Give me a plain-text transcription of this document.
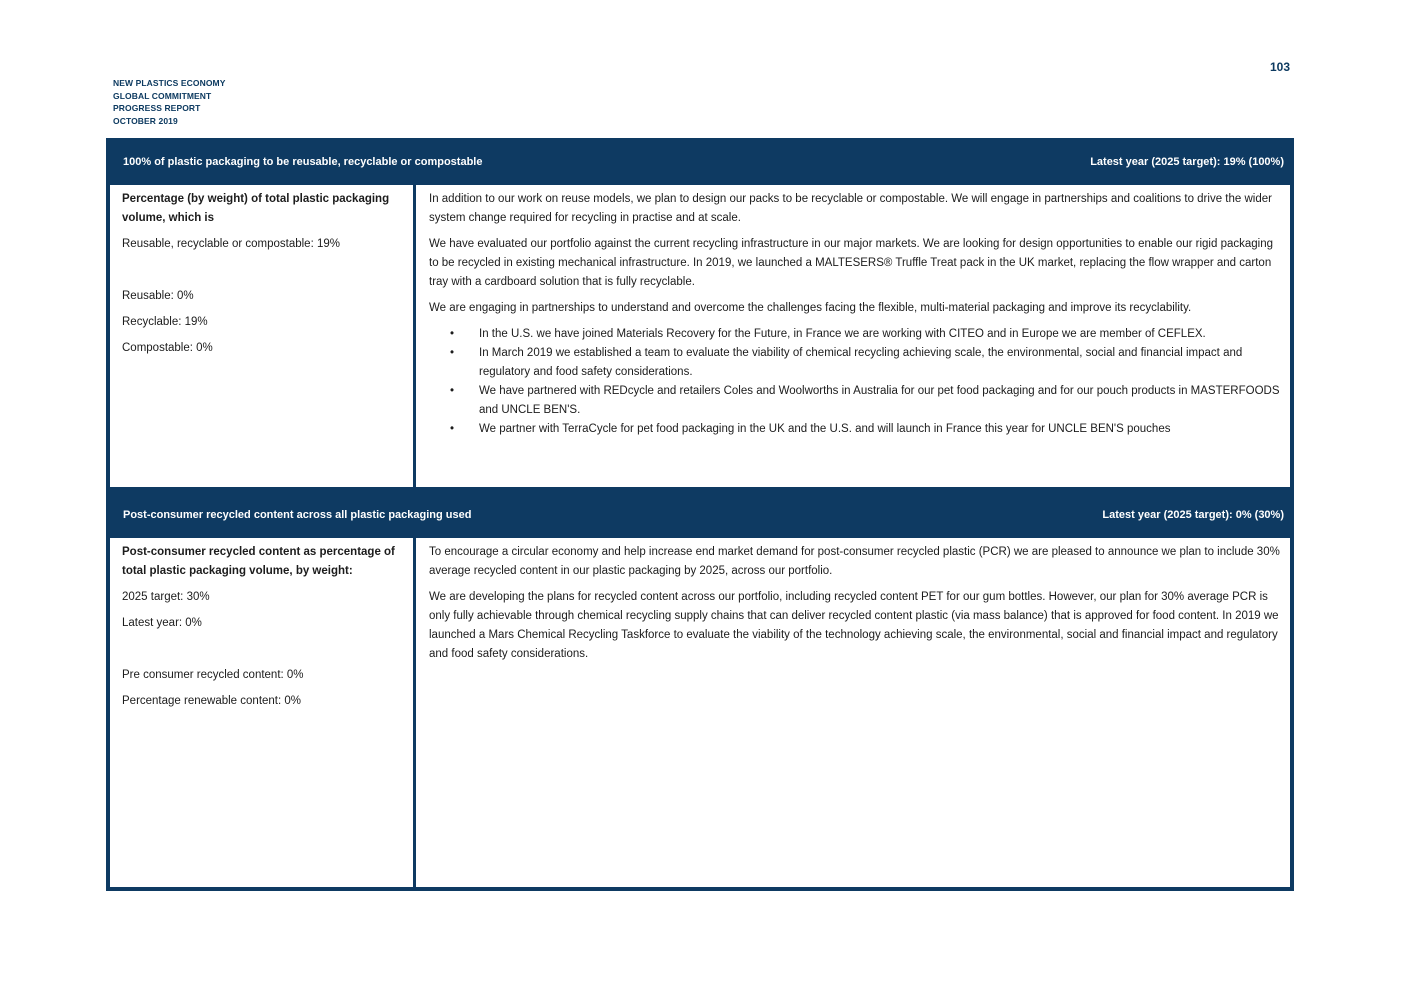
103
NEW PLASTICS ECONOMY
GLOBAL COMMITMENT
PROGRESS REPORT
OCTOBER 2019
100% of plastic packaging to be reusable, recyclable or compostable	Latest year (2025 target): 19% (100%)

Percentage (by weight) of total plastic packaging volume, which is

Reusable, recyclable or compostable: 19%

Reusable: 0%

Recyclable: 19%

Compostable: 0%

In addition to our work on reuse models, we plan to design our packs to be recyclable or compostable. We will engage in partnerships and coalitions to drive the wider system change required for recycling in practise and at scale.

We have evaluated our portfolio against the current recycling infrastructure in our major markets. We are looking for design opportunities to enable our rigid packaging to be recycled in existing mechanical infrastructure. In 2019, we launched a MALTESERS® Truffle Treat pack in the UK market, replacing the flow wrapper and carton tray with a cardboard solution that is fully recyclable.

We are engaging in partnerships to understand and overcome the challenges facing the flexible, multi-material packaging and improve its recyclability.

• In the U.S. we have joined Materials Recovery for the Future, in France we are working with CITEO and in Europe we are member of CEFLEX.
• In March 2019 we established a team to evaluate the viability of chemical recycling achieving scale, the environmental, social and financial impact and regulatory and food safety considerations.
• We have partnered with REDcycle and retailers Coles and Woolworths in Australia for our pet food packaging and for our pouch products in MASTERFOODS and UNCLE BEN'S.
• We partner with TerraCycle for pet food packaging in the UK and the U.S. and will launch in France this year for UNCLE BEN'S pouches
Post-consumer recycled content across all plastic packaging used	Latest year (2025 target): 0% (30%)

Post-consumer recycled content as percentage of total plastic packaging volume, by weight:

2025 target: 30%

Latest year: 0%

Pre consumer recycled content: 0%

Percentage renewable content: 0%

To encourage a circular economy and help increase end market demand for post-consumer recycled plastic (PCR) we are pleased to announce we plan to include 30% average recycled content in our plastic packaging by 2025, across our portfolio.

We are developing the plans for recycled content across our portfolio, including recycled content PET for our gum bottles. However, our plan for 30% average PCR is only fully achievable through chemical recycling supply chains that can deliver recycled content plastic (via mass balance) that is approved for food content. In 2019 we launched a Mars Chemical Recycling Taskforce to evaluate the viability of the technology achieving scale, the environmental, social and financial impact and regulatory and food safety considerations.
